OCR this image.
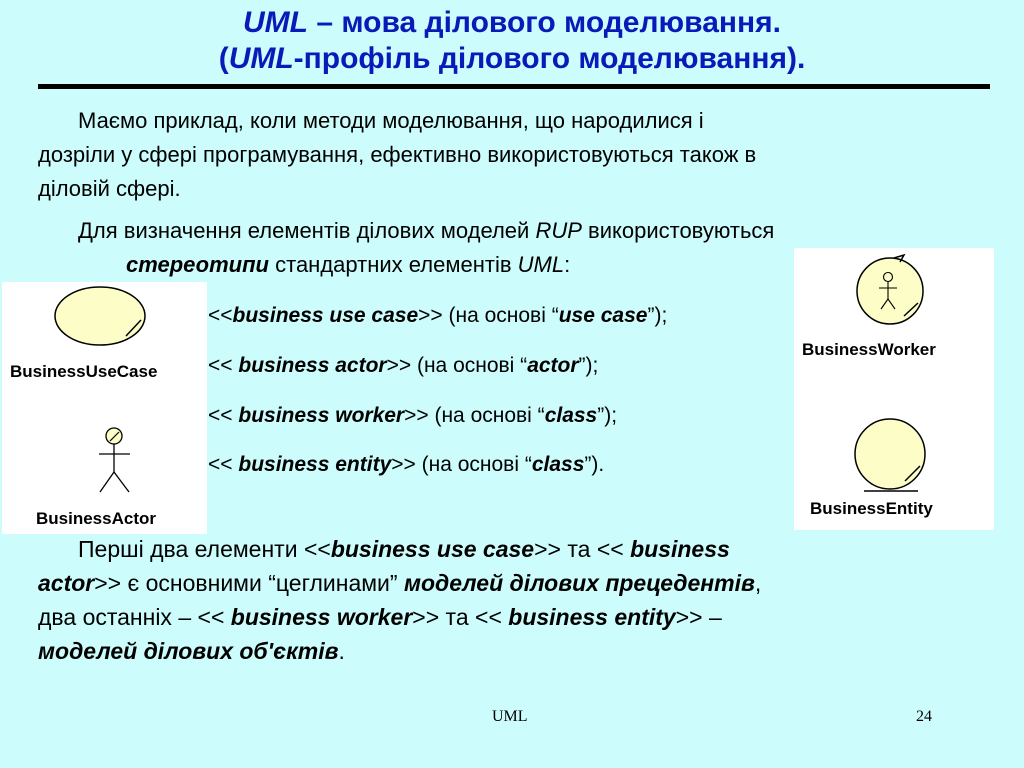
UML – мова ділового моделювання.
(UML-профіль ділового моделювання).
Маємо приклад, коли методи моделювання, що народилися і
дозріли у сфері програмування, ефективно використовуються також в
діловій сфері.
Для визначення елементів ділових моделей RUP використовуються
стереотипи стандартних елементів UML:
<<business use case>> (на основі “use case”);
<< business actor>> (на основі “actor”);
<< business worker>> (на основі “class”);
<< business entity>> (на основі “class”).
BusinessUseCase
BusinessActor
BusinessWorker
BusinessEntity
Перші два елементи <<business use case>> та << business
actor>> є основними “цеглинами” моделей ділових прецедентів,
два останніх – << business worker>> та << business entity>> –
моделей ділових об'єктів.
UML	24
